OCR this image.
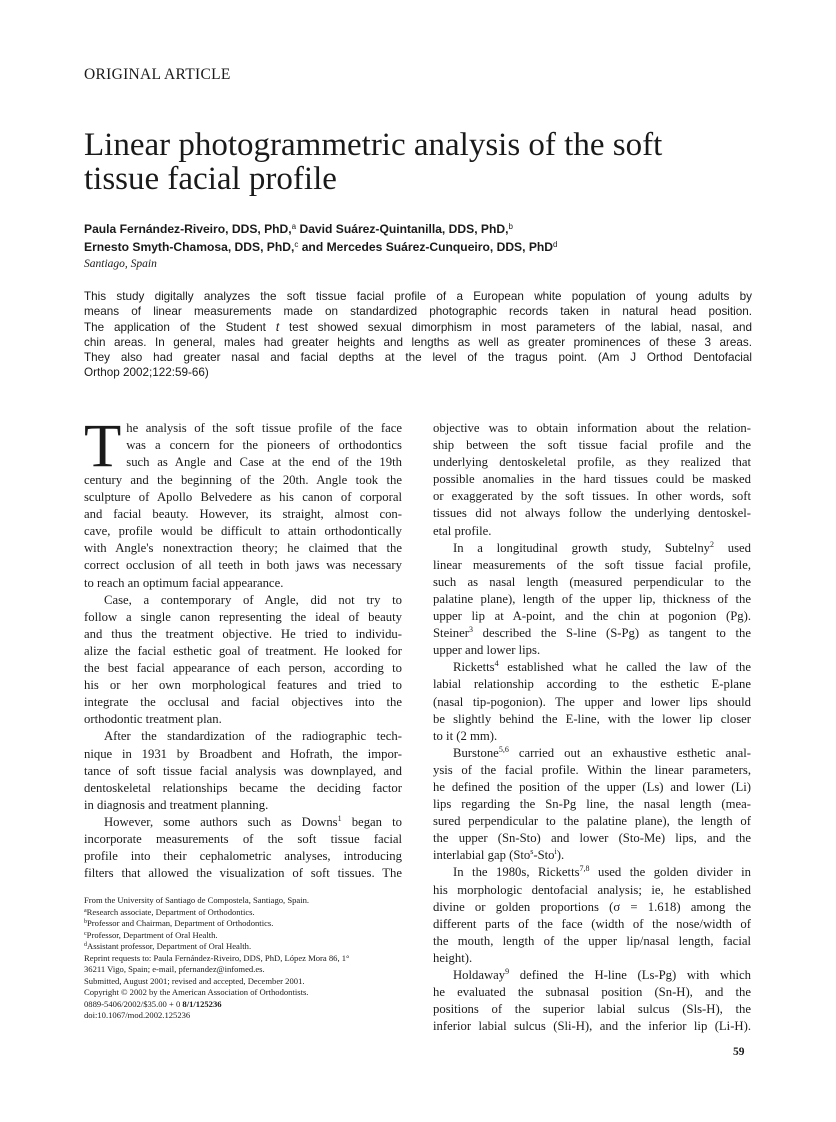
ORIGINAL ARTICLE
Linear photogrammetric analysis of the soft
tissue facial profile
Paula Fernández-Riveiro, DDS, PhD,$^a$ David Suárez-Quintanilla, DDS, PhD,$^b$
Ernesto Smyth-Chamosa, DDS, PhD,$^c$ and Mercedes Suárez-Cunqueiro, DDS, PhD$^d$
Santiago, Spain
This study digitally analyzes the soft tissue facial profile of a European white population of young adults by
means of linear measurements made on standardized photographic records taken in natural head position.
The application of the Student t test showed sexual dimorphism in most parameters of the labial, nasal, and
chin areas. In general, males had greater heights and lengths as well as greater prominences of these 3 areas.
They also had greater nasal and facial depths at the level of the tragus point. (Am J Orthod Dentofacial
Orthop 2002;122:59-66)
T he analysis of the soft tissue profile of the face
was a concern for the pioneers of orthodontics
such as Angle and Case at the end of the 19th
century and the beginning of the 20th. Angle took the
sculpture of Apollo Belvedere as his canon of corporal
and facial beauty. However, its straight, almost con-
cave, profile would be difficult to attain orthodontically
with Angle's nonextraction theory; he claimed that the
correct occlusion of all teeth in both jaws was necessary
to reach an optimum facial appearance.
Case, a contemporary of Angle, did not try to
follow a single canon representing the ideal of beauty
and thus the treatment objective. He tried to individu-
alize the facial esthetic goal of treatment. He looked for
the best facial appearance of each person, according to
his or her own morphological features and tried to
integrate the occlusal and facial objectives into the
orthodontic treatment plan.
After the standardization of the radiographic tech-
nique in 1931 by Broadbent and Hofrath, the impor-
tance of soft tissue facial analysis was downplayed, and
dentoskeletal relationships became the deciding factor
in diagnosis and treatment planning.
However, some authors such as Downs$^1$ began to
incorporate measurements of the soft tissue facial
profile into their cephalometric analyses, introducing
filters that allowed the visualization of soft tissues. The
objective was to obtain information about the relation-
ship between the soft tissue facial profile and the
underlying dentoskeletal profile, as they realized that
possible anomalies in the hard tissues could be masked
or exaggerated by the soft tissues. In other words, soft
tissues did not always follow the underlying dentoskel-
etal profile.
In a longitudinal growth study, Subtelny$^2$ used
linear measurements of the soft tissue facial profile,
such as nasal length (measured perpendicular to the
palatine plane), length of the upper lip, thickness of the
upper lip at A-point, and the chin at pogonion (Pg).
Steiner$^3$ described the S-line (S-Pg) as tangent to the
upper and lower lips.
Ricketts$^4$ established what he called the law of the
labial relationship according to the esthetic E-plane
(nasal tip-pogonion). The upper and lower lips should
be slightly behind the E-line, with the lower lip closer
to it (2 mm).
Burstone$^{5,6}$ carried out an exhaustive esthetic anal-
ysis of the facial profile. Within the linear parameters,
he defined the position of the upper (Ls) and lower (Li)
lips regarding the Sn-Pg line, the nasal length (mea-
sured perpendicular to the palatine plane), the length of
the upper (Sn-Sto) and lower (Sto-Me) lips, and the
interlabial gap (Sto$^s$-Sto$^i$).
In the 1980s, Ricketts$^{7,8}$ used the golden divider in
his morphologic dentofacial analysis; ie, he established
divine or golden proportions (σ = 1.618) among the
different parts of the face (width of the nose/width of
the mouth, length of the upper lip/nasal length, facial
height).
Holdaway$^9$ defined the H-line (Ls-Pg) with which
he evaluated the subnasal position (Sn-H), and the
positions of the superior labial sulcus (Sls-H), the
inferior labial sulcus (Sli-H), and the inferior lip (Li-H).
From the University of Santiago de Compostela, Santiago, Spain.
$^a$Research associate, Department of Orthodontics.
$^b$Professor and Chairman, Department of Orthodontics.
$^c$Professor, Department of Oral Health.
$^d$Assistant professor, Department of Oral Health.
Reprint requests to: Paula Fernández-Riveiro, DDS, PhD, López Mora 86, 1°
36211 Vigo, Spain; e-mail, pfernandez@infomed.es.
Submitted, August 2001; revised and accepted, December 2001.
Copyright © 2002 by the American Association of Orthodontists.
0889-5406/2002/$35.00 + 0 8/1/125236
doi:10.1067/mod.2002.125236
59
